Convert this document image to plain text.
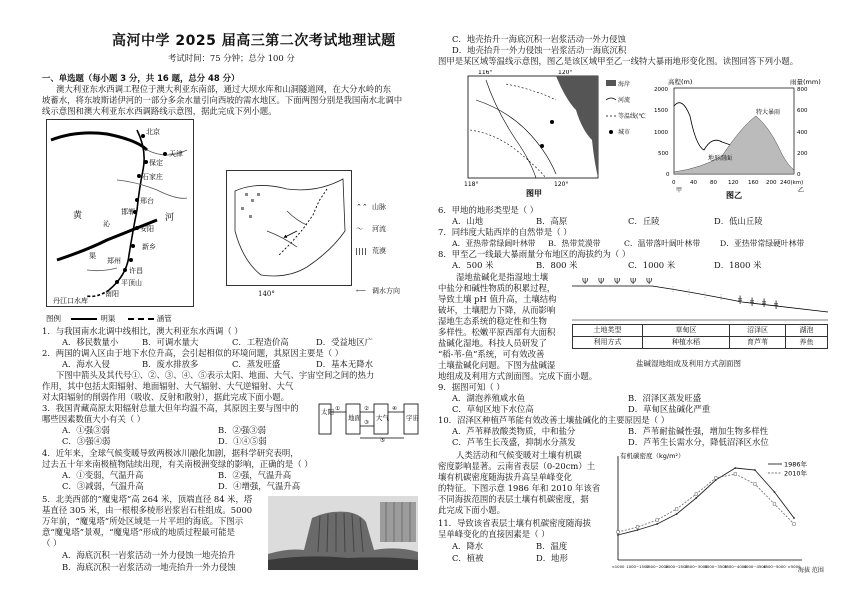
高河中学 2025 届高三第二次考试地理试题
考试时间：75 分钟；总分 100 分
一、单选题（每小题 3 分，共 16 题，总分 48 分）
澳大利亚东水西调工程位于澳大利亚东南部，通过大坝水库和山洞隧道网，在大分水岭的东
坡蓄水，将东坡斯诺伊河的一部分多余水量引向西坡的需水地区。下面两图分别是我国南水北调中
线示意图和澳大利亚东水西调路线示意图，据此完成下列小题。
北京
天津
保定
石家庄
邢台
邯郸
安阳
新乡
郑州
许昌
平顶山
南阳
丹江口水库
黄	河
沁
渠
图例	明渠	涵管
140°
⌃⌃ 山脉
〜 河流
荒漠
⟵ 调水方向
1．与我国南水北调中线相比，澳大利亚东水西调（ ）
A．移民数量小	B．可调水量大	C．工程造价高	D．受益地区广
2．两国的调入区由于地下水位升高，会引起相似的环境问题，其原因主要是（ ）
A．海水入侵	B．废水排放多	C．蒸发旺盛	D．基本无降水
下图中箭头及其代号①、②、③、④、⑤表示太阳、地面、大气、宇宙空间之间的热力
作用，其中包括太阳辐射、地面辐射、大气辐射、大气逆辐射、大气
对太阳辐射的削弱作用（吸收、反射和散射），据此完成下面小题。
3．我国青藏高原太阳辐射总量大但年均温不高，其原因主要与图中的
哪些因素数值大小有关（ ）
A．①强③弱	B．②强③弱
C．③强④弱	D．①④⑤弱
太阳
地面 大气	宇宙
①	②
③
④
⑤
4．近年来，全球气候变暖导致两极冰川融化加剧，据科学研究表明，
过去五十年来南极植物陆续出现，有关南极洲变绿的影响，正确的是（ ）
A．①变弱，气温升高	B．②强，气温升高
C．③减弱，气温升高	D．④增强，气温升高
5．北美西部的“魔鬼塔”高 264 米，顶端直径 84 米，塔
基直径 305 米，由一根根多棱形岩浆岩石柱组成。5000
万年前，“魔鬼塔”所处区域是一片平坦的海底。下图示
意“魔鬼塔”景观，“魔鬼塔”形成的地质过程最可能是
（ ）
A．海底沉积一岩浆活动一外力侵蚀一地壳抬升
B．海底沉积一岩浆活动一地壳抬升一外力侵蚀
C．地壳抬升一海底沉积一岩浆活动一外力侵蚀
D．地壳抬升一外力侵蚀一岩浆活动一海底沉积
图甲是某区域等温线示意图，图乙是该区域甲至乙一线特大暴雨地形变化图。读图回答下列小题。
116°	120°
118°	120°
图甲
海岸
河流
等温线(℃)
城市
高程(m)	雨量(mm)
2000
1500
1000
500
0
800
600
400
200
0
0	40 80 120 160 200 240(km)
甲	乙
特大暴雨
地形剖面
图乙
6．甲地的地形类型是（ ）
A．山地	B．高原	C．丘陵	D．低山丘陵
7．同纬度大陆西岸的自然带是（ ）
A．亚热带常绿阔叶林带 B．热带荒漠带	C．温带落叶阔叶林带	D．亚热带常绿硬叶林带
8．甲至乙一线最大暴雨量分布地区的海拔约为（ ）
A．500 米	B．800 米	C．1000 米	D．1800 米
湿地盐碱化是指湿地土壤
中盐分和碱性物质的积累过程，
导致土壤 pH 值升高，土壤结构
破坏，土壤肥力下降，从而影响
湿地生态系统的稳定性和生物
多样性。松嫩平原西部有大面积
盐碱化湿地。科技人员研发了
“稻-苇-鱼”系统，可有效改善
土壤盐碱化问题。下图为盐碱湿
地组成及利用方式剖面图。完成下面小题。
Ψ Ψ Ψ Ψ Ψ
⫶ ⫶ ⫶ ⫶ ǂ ǂ ǂ ǂ
土地类型	草甸区	沼泽区	湖泡
利用方式	种植水稻	育芦苇	养鱼
盐碱湿地组成及利用方式剖面图
9．据图可知（ ）
A．湖泡养殖咸水鱼	B．沼泽区蒸发旺盛
C．草甸区地下水位高	D．草甸区盐碱化严重
10．沼泽区种植芦苇能有效改善土壤盐碱化的主要原因是（ ）
A．芦苇释放酸类物质，中和盐分	B．芦苇耐盐碱性强，增加生物多样性
C．芦苇生长茂盛，抑制水分蒸发	D．芦苇生长需水分，降低沼泽区水位
人类活动和气候变暖对土壤有机碳
密度影响显著。云南省表层（0-20cm）土
壤有机碳密度随海拔升高呈单峰变化
的特征。下图示意 1986 年和 2010 年该省
不同海拔范围的表层土壤有机碳密度，据
此完成下面小题。
11．导致该省表层土壤有机碳密度随海拔
呈单峰变化的直接因素是（ ）
A．降水	B．温度
C．植被	D．地形
有机碳密度（kg/m²）
海拔 范围
<1000 1000~1500
1500~2000
2000~2500
2500~3000
3000~3500
3500~4000
4000~4500
4500~5000 >5000
1986年
2010年
